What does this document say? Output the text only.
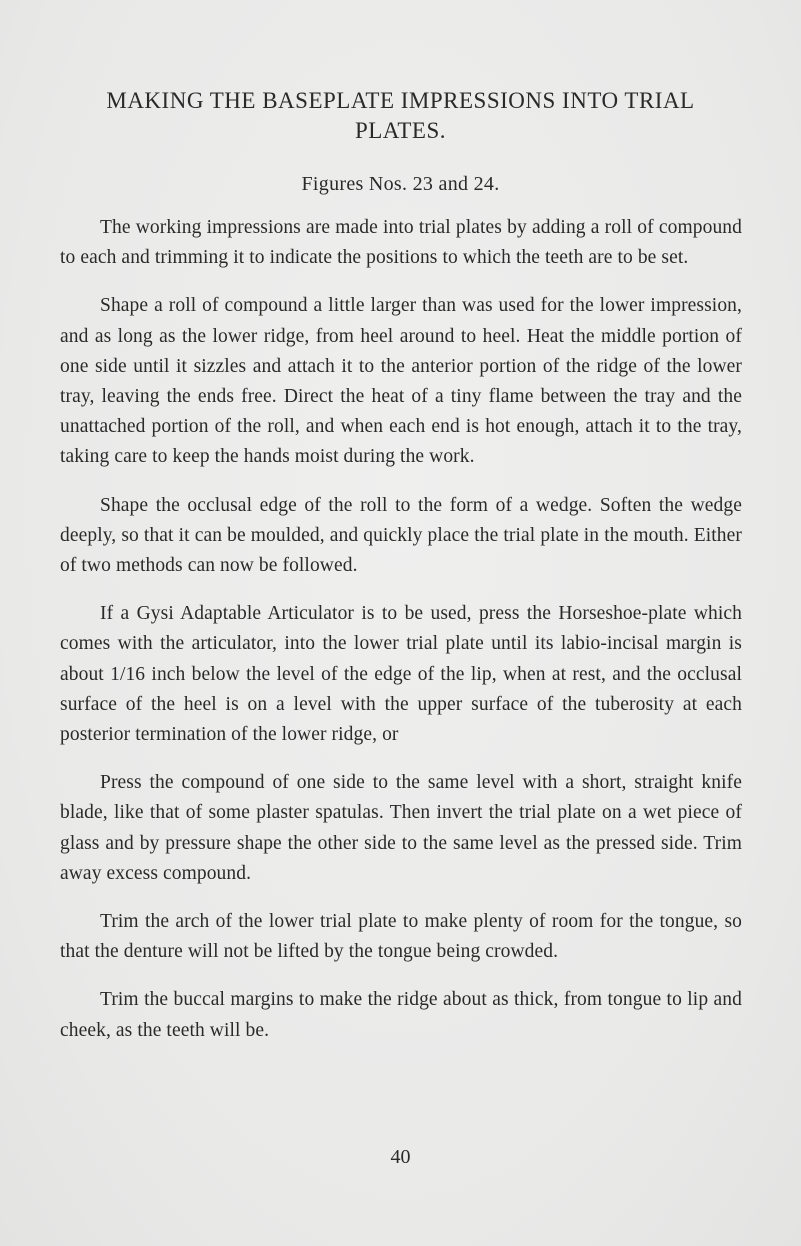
MAKING THE BASEPLATE IMPRESSIONS INTO TRIAL PLATES.

Figures Nos. 23 and 24.

The working impressions are made into trial plates by adding a roll of compound to each and trimming it to indicate the positions to which the teeth are to be set.

Shape a roll of compound a little larger than was used for the lower impression, and as long as the lower ridge, from heel around to heel. Heat the middle portion of one side until it sizzles and attach it to the anterior portion of the ridge of the lower tray, leaving the ends free. Direct the heat of a tiny flame between the tray and the unattached portion of the roll, and when each end is hot enough, attach it to the tray, taking care to keep the hands moist during the work.

Shape the occlusal edge of the roll to the form of a wedge. Soften the wedge deeply, so that it can be moulded, and quickly place the trial plate in the mouth. Either of two methods can now be followed.

If a Gysi Adaptable Articulator is to be used, press the Horseshoe-plate which comes with the articulator, into the lower trial plate until its labio-incisal margin is about 1/16 inch below the level of the edge of the lip, when at rest, and the occlusal surface of the heel is on a level with the upper surface of the tuberosity at each posterior termination of the lower ridge, or

Press the compound of one side to the same level with a short, straight knife blade, like that of some plaster spatulas. Then invert the trial plate on a wet piece of glass and by pressure shape the other side to the same level as the pressed side. Trim away excess compound.

Trim the arch of the lower trial plate to make plenty of room for the tongue, so that the denture will not be lifted by the tongue being crowded.

Trim the buccal margins to make the ridge about as thick, from tongue to lip and cheek, as the teeth will be.

40
